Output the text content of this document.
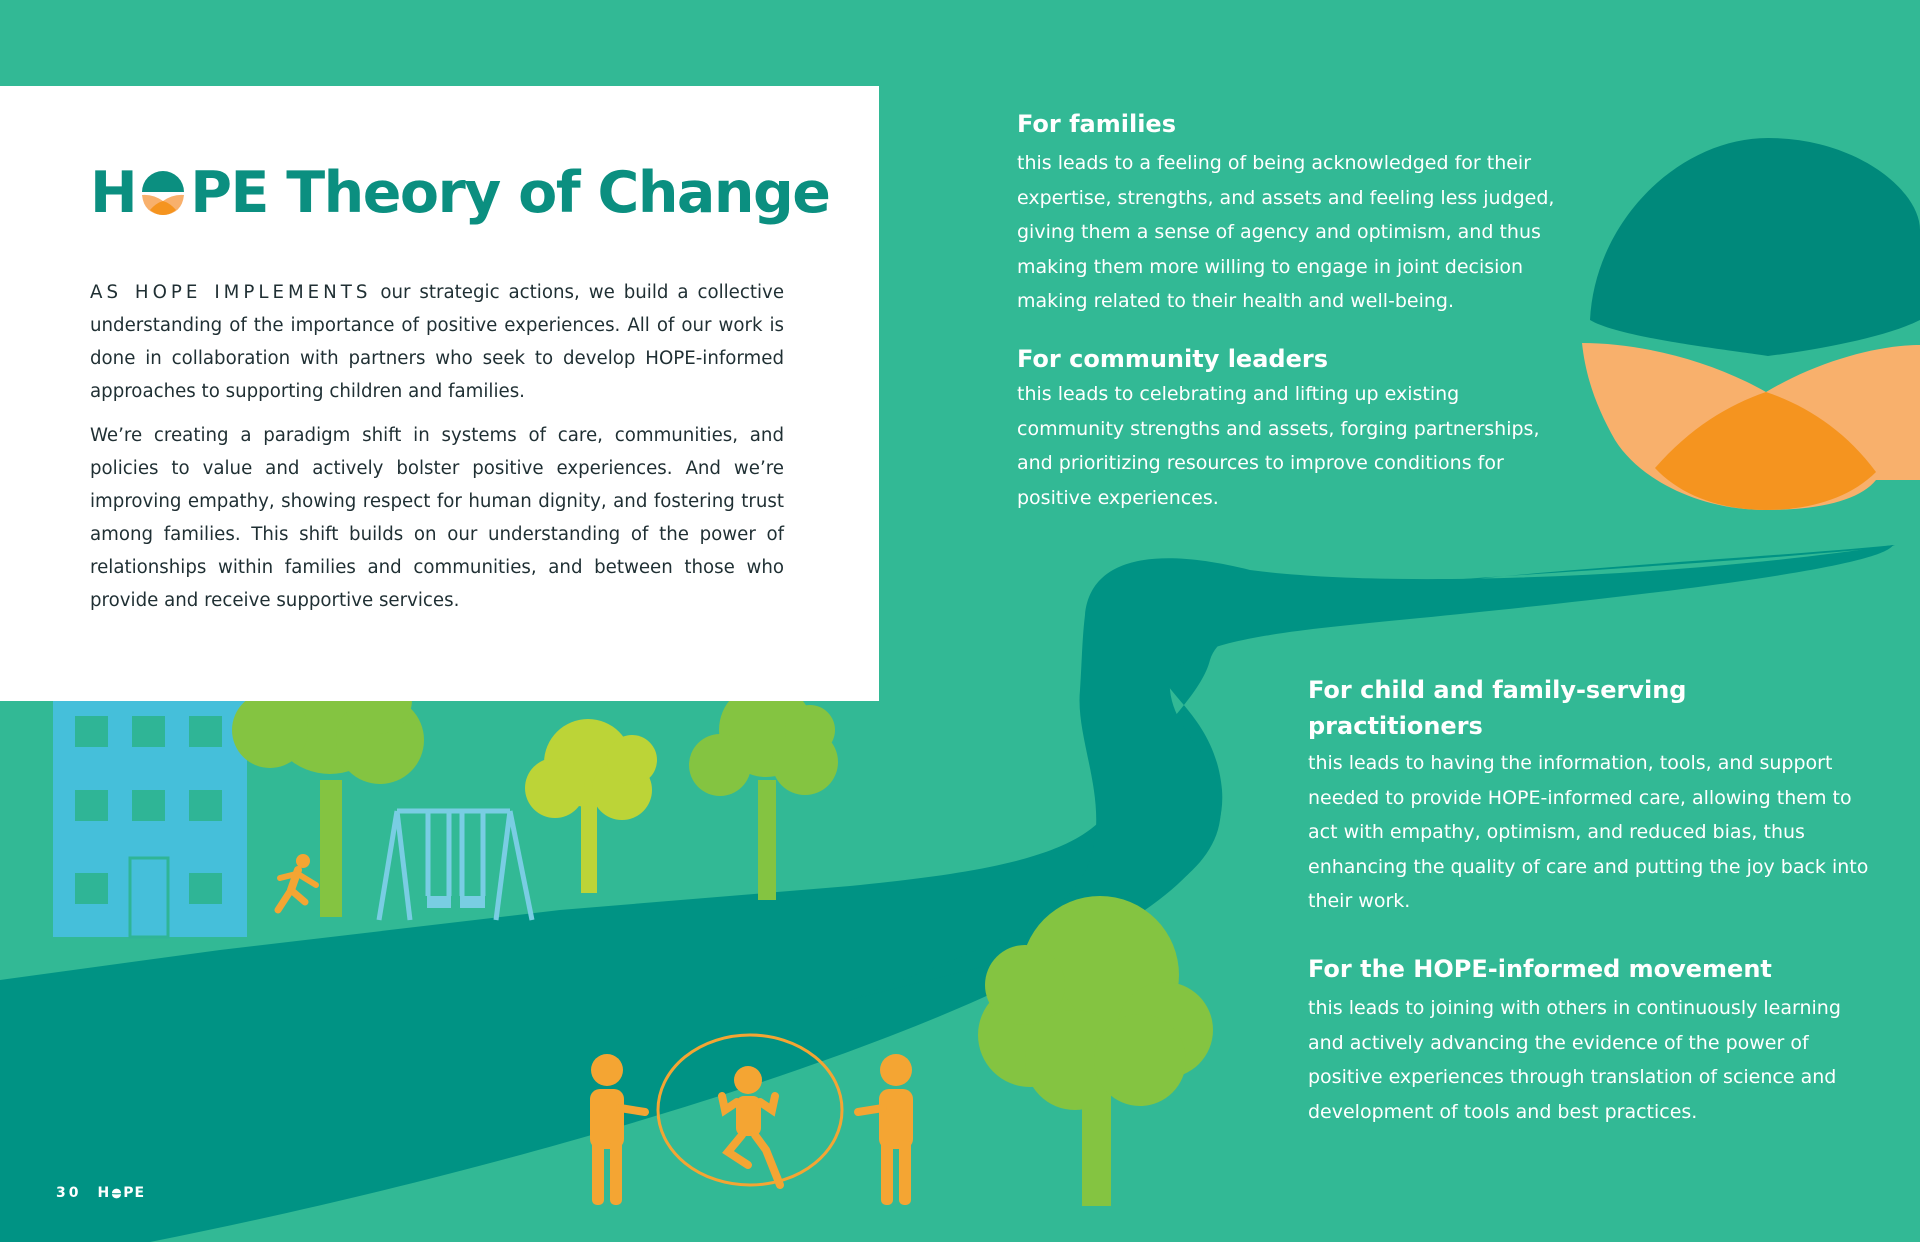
H PE Theory of Change

AS HOPE IMPLEMENTS our strategic actions, we build a collective understanding of the importance of positive experiences. All of our work is done in collaboration with partners who seek to develop HOPE-informed approaches to supporting children and families.

We’re creating a paradigm shift in systems of care, communities, and policies to value and actively bolster positive experiences. And we’re improving empathy, showing respect for human dignity, and fostering trust among families. This shift builds on our understanding of the power of relationships within families and communities, and between those who provide and receive supportive services.

For families

this leads to a feeling of being acknowledged for their expertise, strengths, and assets and feeling less judged, giving them a sense of agency and optimism, and thus making them more willing to engage in joint decision making related to their health and well-being.

For community leaders

this leads to celebrating and lifting up existing community strengths and assets, forging partnerships, and prioritizing resources to improve conditions for positive experiences.

For child and family-serving practitioners

this leads to having the information, tools, and support needed to provide HOPE-informed care, allowing them to act with empathy, optimism, and reduced bias, thus enhancing the quality of care and putting the joy back into their work.

For the HOPE-informed movement

this leads to joining with others in continuously learning and actively advancing the evidence of the power of positive experiences through translation of science and development of tools and best practices.

30 H PE
